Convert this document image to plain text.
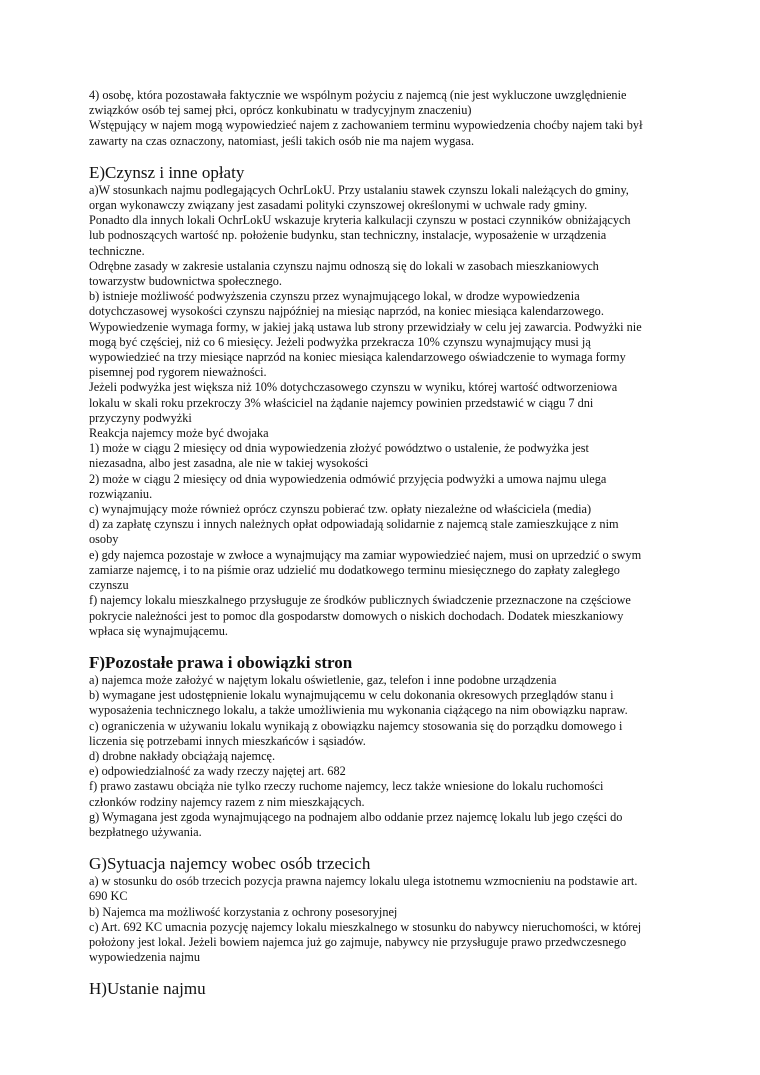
4) osobę, która pozostawała faktycznie we wspólnym pożyciu z najemcą (nie jest wykluczone uwzględnienie

związków osób tej samej płci, oprócz konkubinatu w tradycyjnym znaczeniu)

Wstępujący w najem mogą wypowiedzieć najem z zachowaniem terminu wypowiedzenia choćby najem taki był

zawarty na czas oznaczony, natomiast, jeśli takich osób nie ma najem wygasa.

E)Czynsz i inne opłaty

a)W stosunkach najmu podlegających OchrLokU. Przy ustalaniu stawek czynszu lokali należących do gminy,

organ wykonawczy związany jest zasadami polityki czynszowej określonymi w uchwale rady gminy.

Ponadto dla innych lokali OchrLokU wskazuje kryteria kalkulacji czynszu w postaci czynników obniżających

lub podnoszących wartość np. położenie budynku, stan techniczny, instalacje, wyposażenie w urządzenia

techniczne.

Odrębne zasady w zakresie ustalania czynszu najmu odnoszą się do lokali w zasobach mieszkaniowych

towarzystw budownictwa społecznego.

b) istnieje możliwość podwyższenia czynszu przez wynajmującego lokal, w drodze wypowiedzenia

dotychczasowej wysokości czynszu najpóźniej na miesiąc naprzód, na koniec miesiąca kalendarzowego.

Wypowiedzenie wymaga formy, w jakiej jaką ustawa lub strony przewidziały w celu jej zawarcia. Podwyżki nie

mogą być częściej, niż co 6 miesięcy. Jeżeli podwyżka przekracza 10% czynszu wynajmujący musi ją

wypowiedzieć na trzy miesiące naprzód na koniec miesiąca kalendarzowego oświadczenie to wymaga formy

pisemnej pod rygorem nieważności.

Jeżeli podwyżka jest większa niż 10% dotychczasowego czynszu w wyniku, której wartość odtworzeniowa

lokalu w skali roku przekroczy 3% właściciel na żądanie najemcy powinien przedstawić w ciągu 7 dni

przyczyny podwyżki

Reakcja najemcy może być dwojaka

1) może w ciągu 2 miesięcy od dnia wypowiedzenia złożyć powództwo o ustalenie, że podwyżka jest

niezasadna, albo jest zasadna, ale nie w takiej wysokości

2) może w ciągu 2 miesięcy od dnia wypowiedzenia odmówić przyjęcia podwyżki a umowa najmu ulega

rozwiązaniu.

c) wynajmujący może również oprócz czynszu pobierać tzw. opłaty niezależne od właściciela (media)

d) za zapłatę czynszu i innych należnych opłat odpowiadają solidarnie z najemcą stale zamieszkujące z nim

osoby

e) gdy najemca pozostaje w zwłoce a wynajmujący ma zamiar wypowiedzieć najem, musi on uprzedzić o swym

zamiarze najemcę, i to na piśmie oraz udzielić mu dodatkowego terminu miesięcznego do zapłaty zaległego

czynszu

f) najemcy lokalu mieszkalnego przysługuje ze środków publicznych świadczenie przeznaczone na częściowe

pokrycie należności jest to pomoc dla gospodarstw domowych o niskich dochodach. Dodatek mieszkaniowy

wpłaca się wynajmującemu.

F)Pozostałe prawa i obowiązki stron

a) najemca może założyć w najętym lokalu oświetlenie, gaz, telefon i inne podobne urządzenia

b) wymagane jest udostępnienie lokalu wynajmującemu w celu dokonania okresowych przeglądów stanu i

wyposażenia technicznego lokalu, a także umożliwienia mu wykonania ciążącego na nim obowiązku napraw.

c) ograniczenia w używaniu lokalu wynikają z obowiązku najemcy stosowania się do porządku domowego i

liczenia się potrzebami innych mieszkańców i sąsiadów.

d) drobne nakłady obciążają najemcę.

e) odpowiedzialność za wady rzeczy najętej art. 682

f) prawo zastawu obciąża nie tylko rzeczy ruchome najemcy, lecz także wniesione do lokalu ruchomości

członków rodziny najemcy razem z nim mieszkających.

g) Wymagana jest zgoda wynajmującego na podnajem albo oddanie przez najemcę lokalu lub jego części do

bezpłatnego używania.

G)Sytuacja najemcy wobec osób trzecich

a) w stosunku do osób trzecich pozycja prawna najemcy lokalu ulega istotnemu wzmocnieniu na podstawie art.

690 KC

b) Najemca ma możliwość korzystania z ochrony posesoryjnej

c) Art. 692 KC umacnia pozycję najemcy lokalu mieszkalnego w stosunku do nabywcy nieruchomości, w której

położony jest lokal. Jeżeli bowiem najemca już go zajmuje, nabywcy nie przysługuje prawo przedwczesnego

wypowiedzenia najmu

H)Ustanie najmu
